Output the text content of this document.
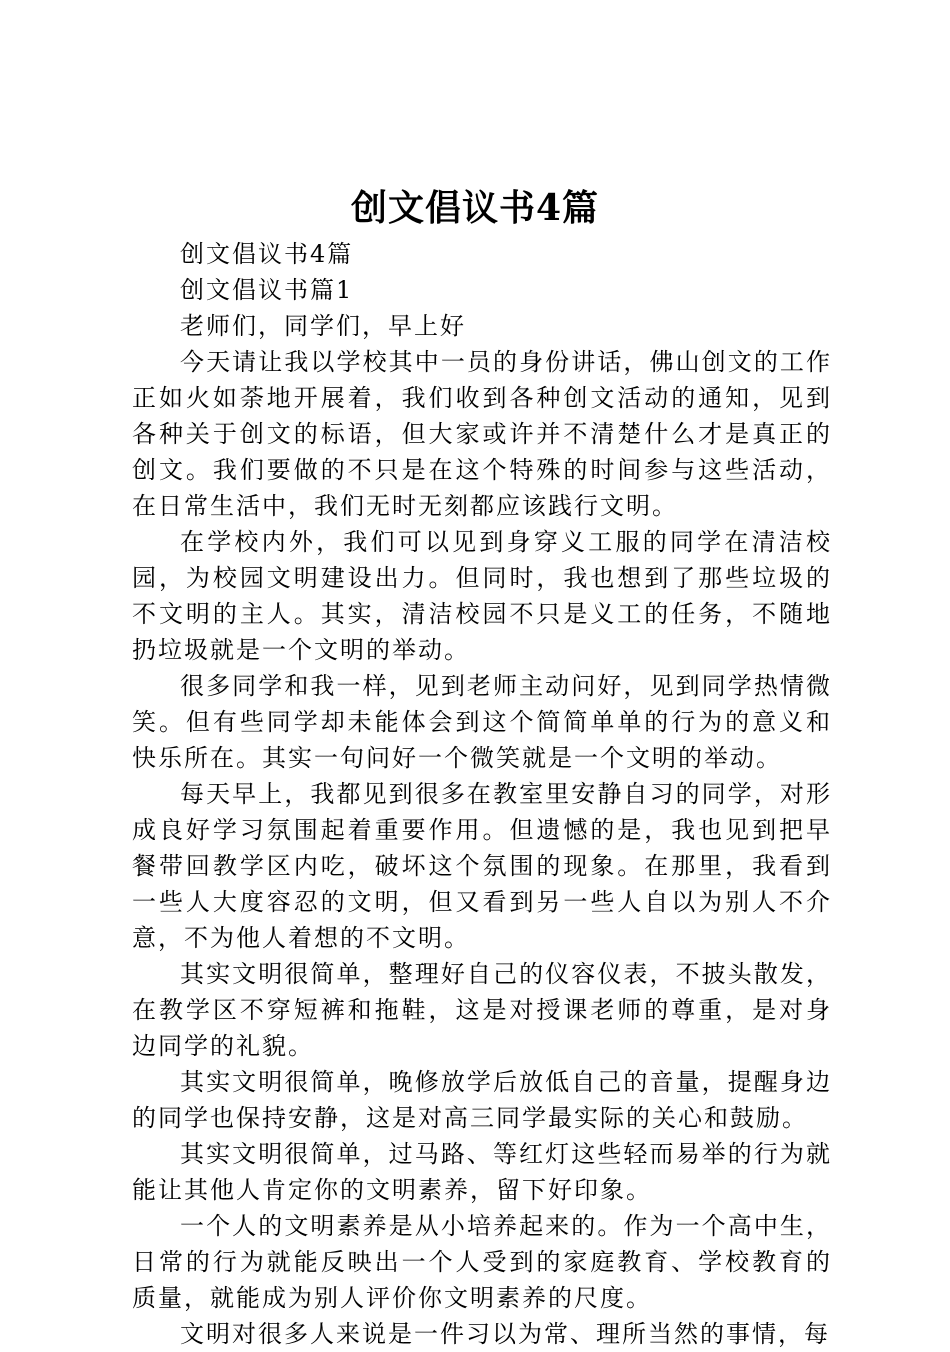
创文倡议书4篇

创文倡议书4篇

创文倡议书篇1

老师们，同学们，早上好

今天请让我以学校其中一员的身份讲话，佛山创文的工作正如火如荼地开展着，我们收到各种创文活动的通知，见到各种关于创文的标语，但大家或许并不清楚什么才是真正的创文。我们要做的不只是在这个特殊的时间参与这些活动，在日常生活中，我们无时无刻都应该践行文明。

在学校内外，我们可以见到身穿义工服的同学在清洁校园，为校园文明建设出力。但同时，我也想到了那些垃圾的不文明的主人。其实，清洁校园不只是义工的任务，不随地扔垃圾就是一个文明的举动。

很多同学和我一样，见到老师主动问好，见到同学热情微笑。但有些同学却未能体会到这个简简单单的行为的意义和快乐所在。其实一句问好一个微笑就是一个文明的举动。

每天早上，我都见到很多在教室里安静自习的同学，对形成良好学习氛围起着重要作用。但遗憾的是，我也见到把早餐带回教学区内吃，破坏这个氛围的现象。在那里，我看到一些人大度容忍的文明，但又看到另一些人自以为别人不介意，不为他人着想的不文明。

其实文明很简单，整理好自己的仪容仪表，不披头散发，在教学区不穿短裤和拖鞋，这是对授课老师的尊重，是对身边同学的礼貌。

其实文明很简单，晚修放学后放低自己的音量，提醒身边的同学也保持安静，这是对高三同学最实际的关心和鼓励。

其实文明很简单，过马路、等红灯这些轻而易举的行为就能让其他人肯定你的文明素养，留下好印象。

一个人的文明素养是从小培养起来的。作为一个高中生，日常的行为就能反映出一个人受到的家庭教育、学校教育的质量，就能成为别人评价你文明素养的尺度。

文明对很多人来说是一件习以为常、理所当然的事情，每
